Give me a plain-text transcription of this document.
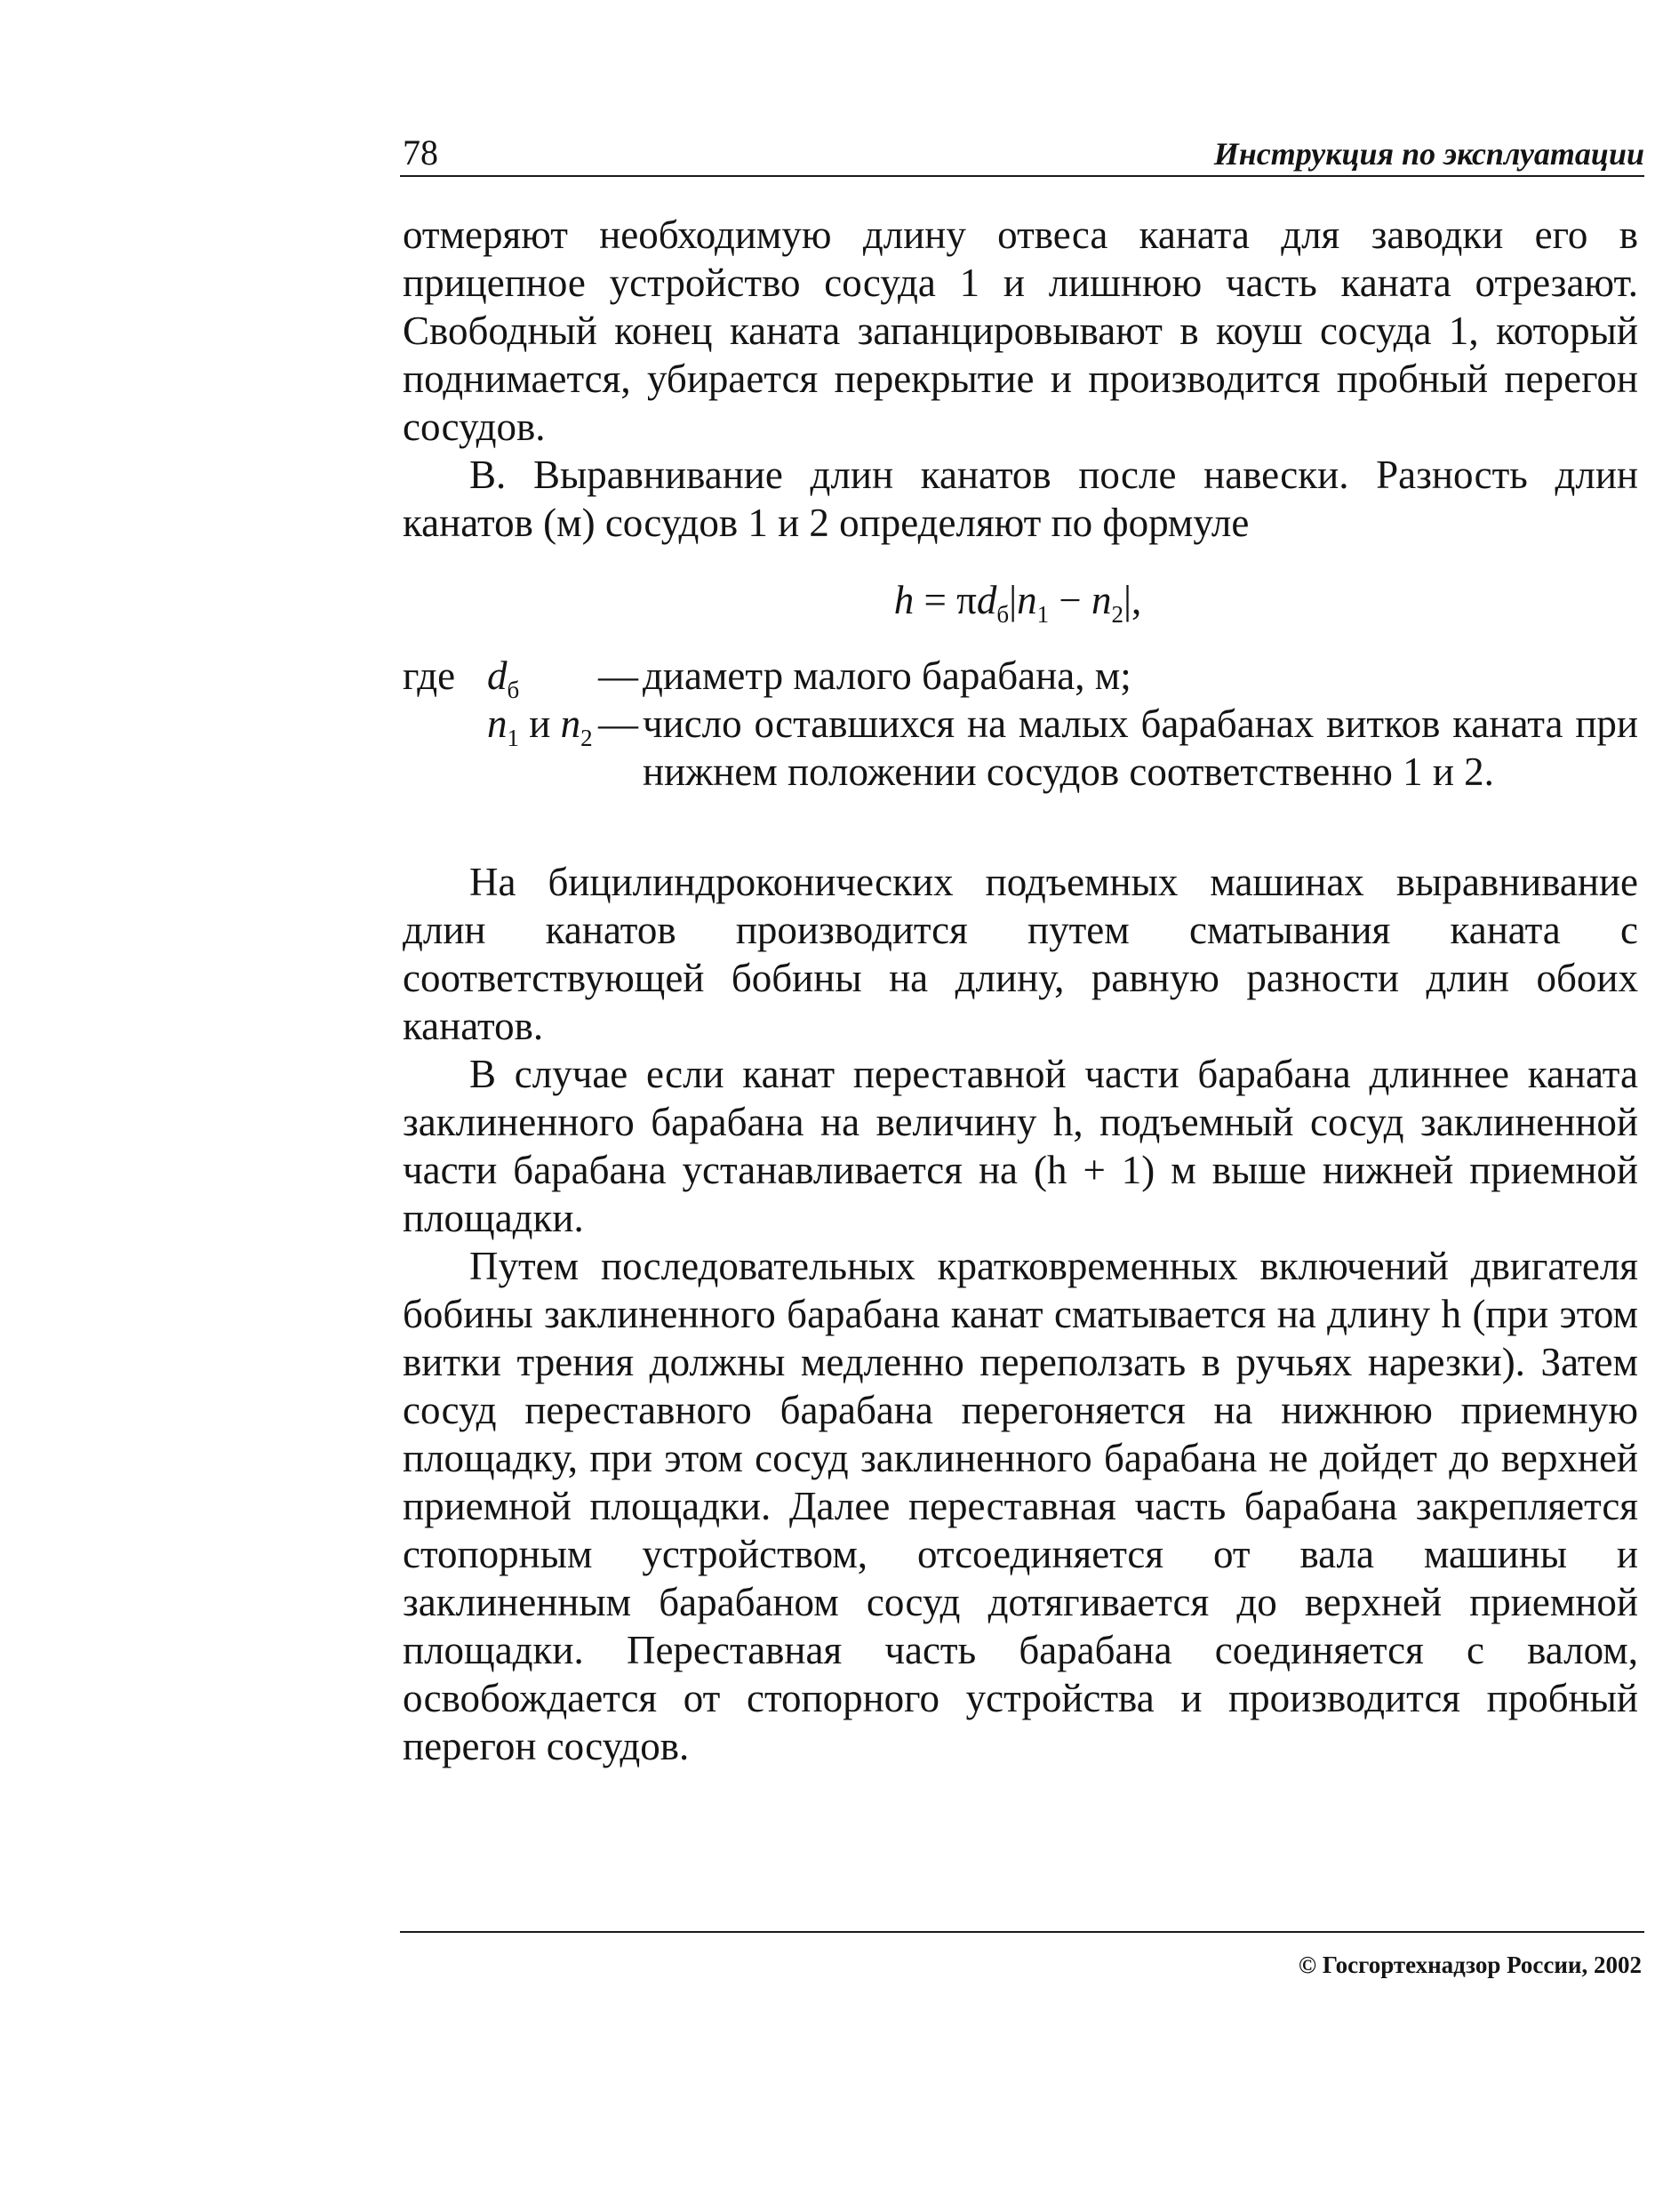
78	Инструкция по эксплуатации

отмеряют необходимую длину отвеса каната для заводки его в прицепное устройство сосуда 1 и лишнюю часть каната отрезают. Свободный конец каната запанцировывают в коуш сосуда 1, который поднимается, убирается перекрытие и производится пробный перегон сосудов.

В. Выравнивание длин канатов после навески. Разность длин канатов (м) сосудов 1 и 2 определяют по формуле

$h = \pi d_б|n_1 - n_2|$,
где $d_б$	— диаметр малого барабана, м;
$n_1$ и $n_2$ — число оставшихся на малых барабанах витков каната при нижнем положении сосудов соответственно 1 и 2.

На бицилиндроконических подъемных машинах выравнивание длин канатов производится путем сматывания каната с соответствующей бобины на длину, равную разности длин обоих канатов.

В случае если канат переставной части барабана длиннее каната заклиненного барабана на величину h, подъемный сосуд заклиненной части барабана устанавливается на (h + 1) м выше нижней приемной площадки.

Путем последовательных кратковременных включений двигателя бобины заклиненного барабана канат сматывается на длину h (при этом витки трения должны медленно переползать в ручьях нарезки). Затем сосуд переставного барабана перегоняется на нижнюю приемную площадку, при этом сосуд заклиненного барабана не дойдет до верхней приемной площадки. Далее переставная часть барабана закрепляется стопорным устройством, отсоединяется от вала машины и заклиненным барабаном сосуд дотягивается до верхней приемной площадки. Переставная часть барабана соединяется с валом, освобождается от стопорного устройства и производится пробный перегон сосудов.

© Госгортехнадзор России, 2002
